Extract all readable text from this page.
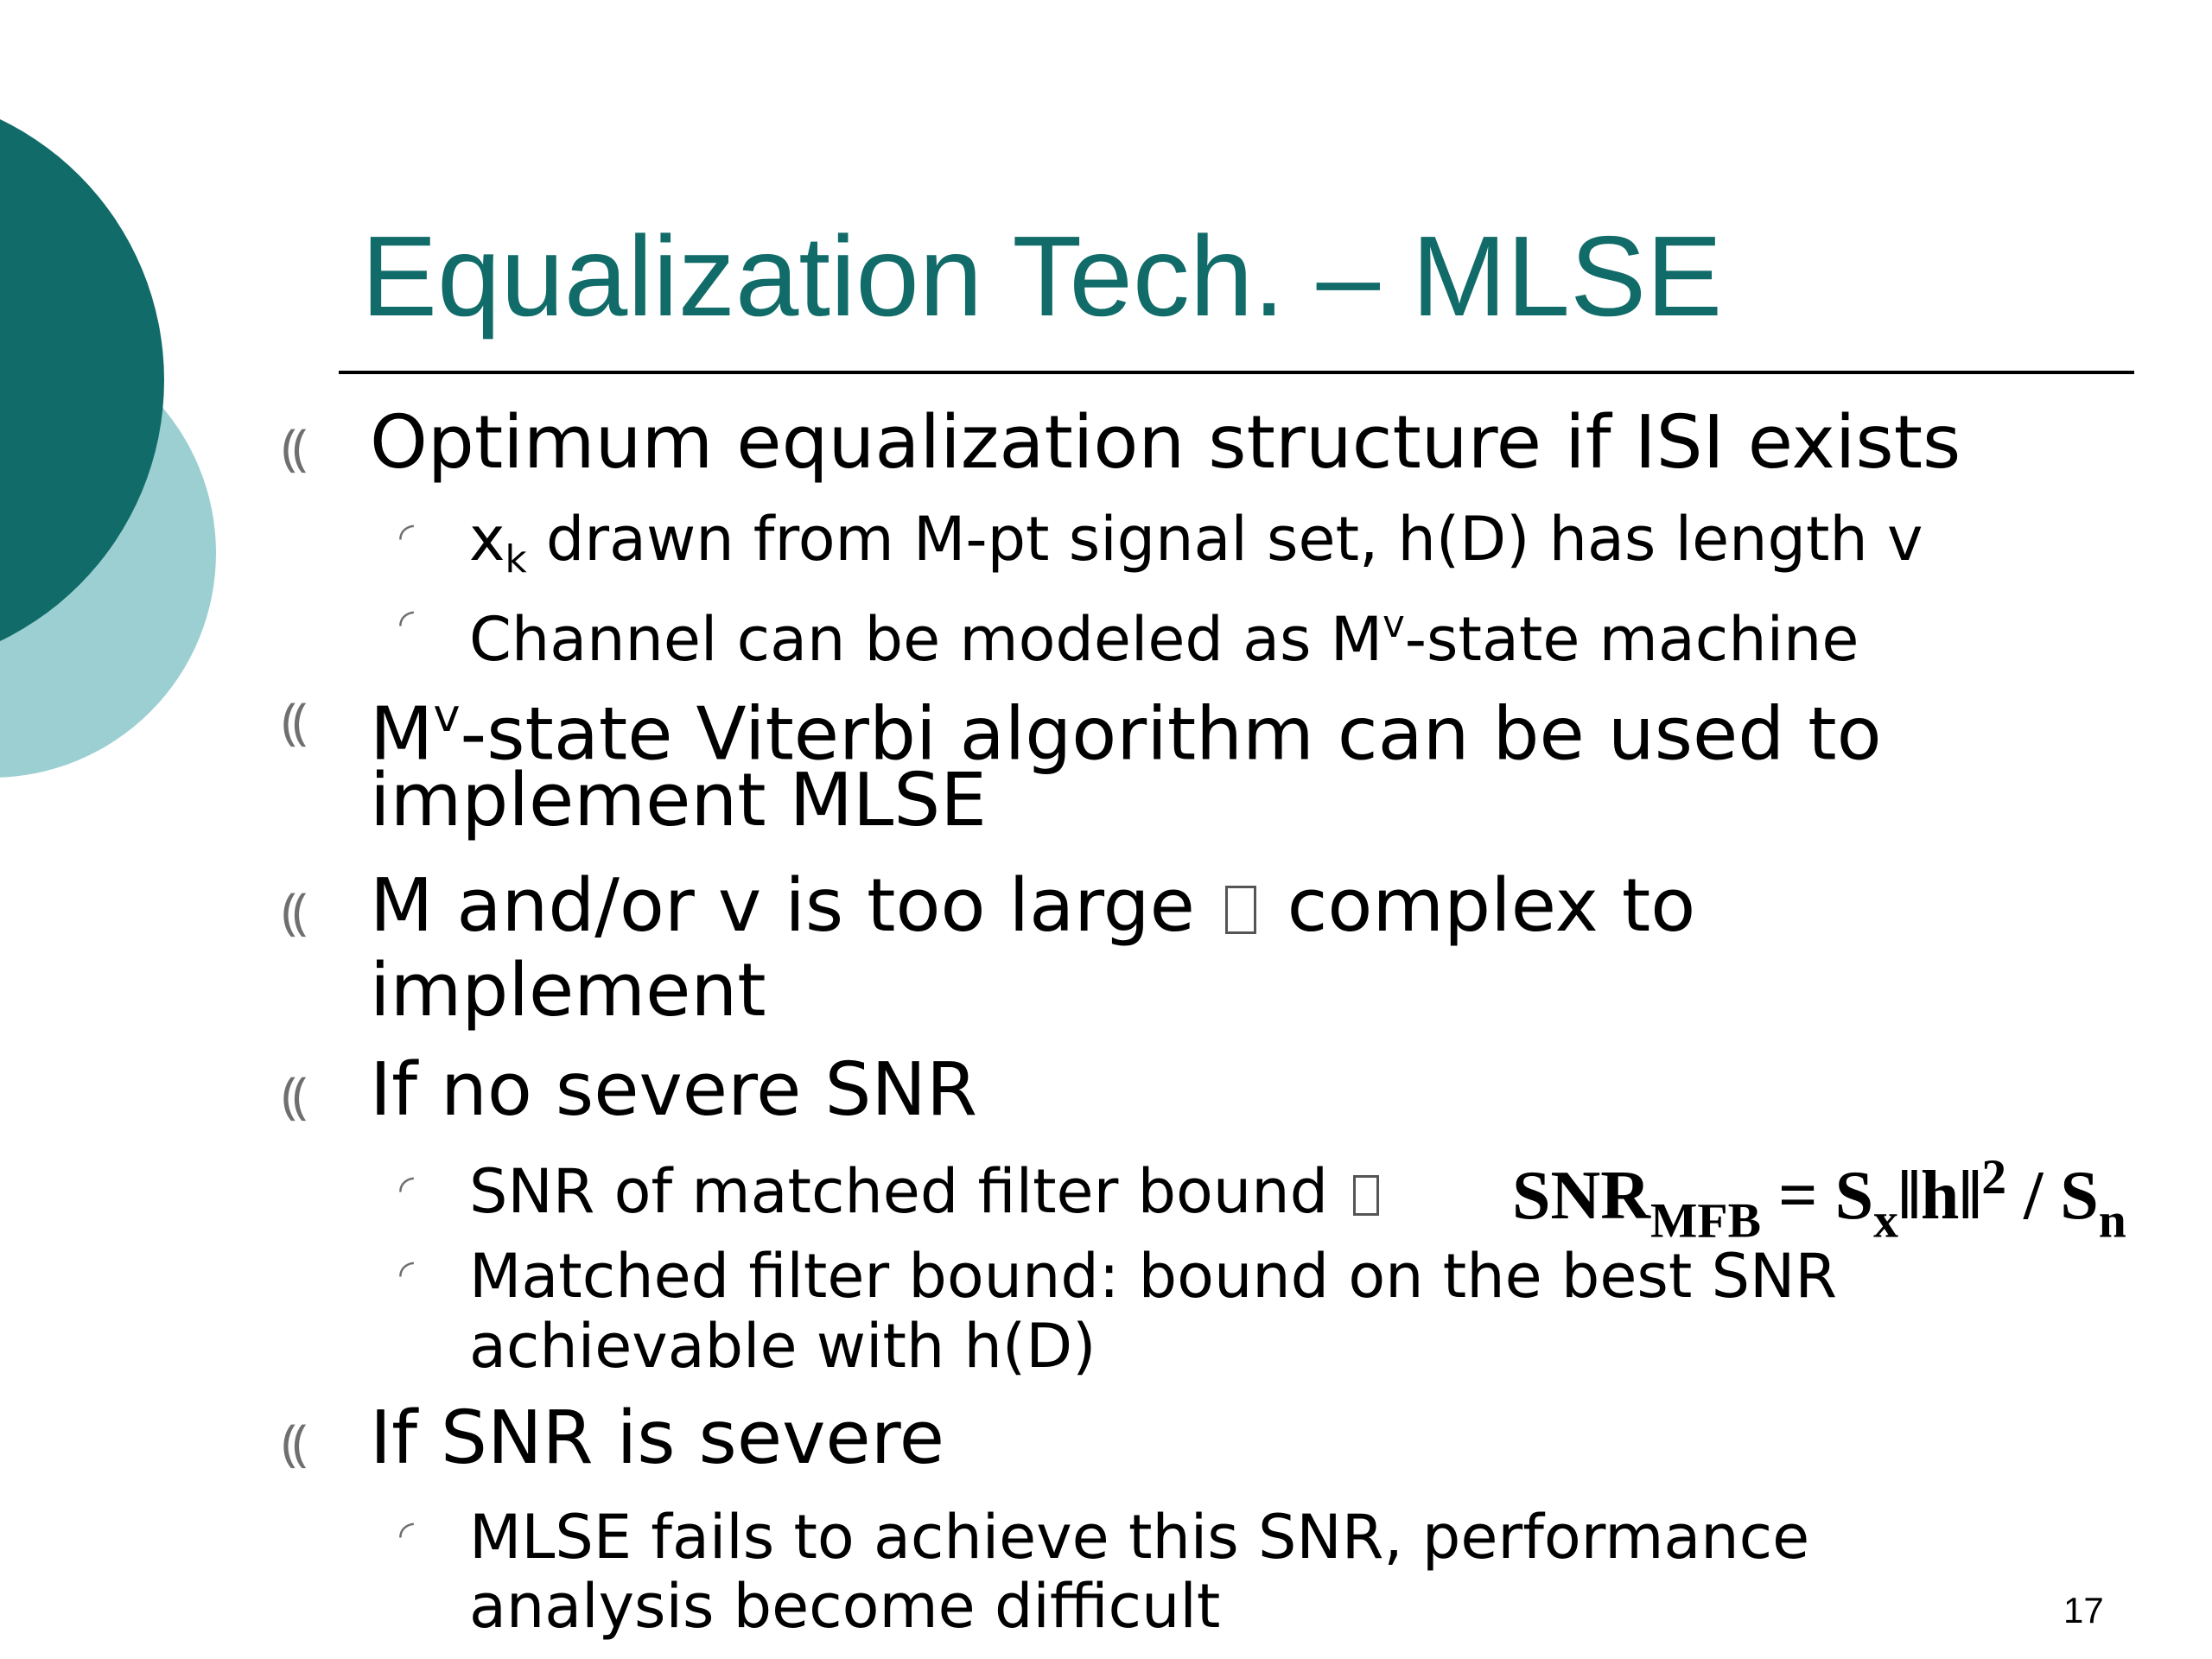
Equalization Tech. – MLSE
⸨ Optimum equalization structure if ISI exists
◜ $x_k$ drawn from M-pt signal set, h(D) has length v
◜ Channel can be modeled as $M^v$-state machine
⸨ $M^v$-state Viterbi algorithm can be used to
implement MLSE
⸨ M and/or v is too large complex to
implement
⸨ If no severe SNR
◜ SNR of matched filter bound	$SNR_{MFB}$ = $S_x‖h‖^2 / S_n$
◜ Matched filter bound: bound on the best SNR
achievable with h(D)
⸨ If SNR is severe
◜ MLSE fails to achieve this SNR, performance
analysis become difficult	17
